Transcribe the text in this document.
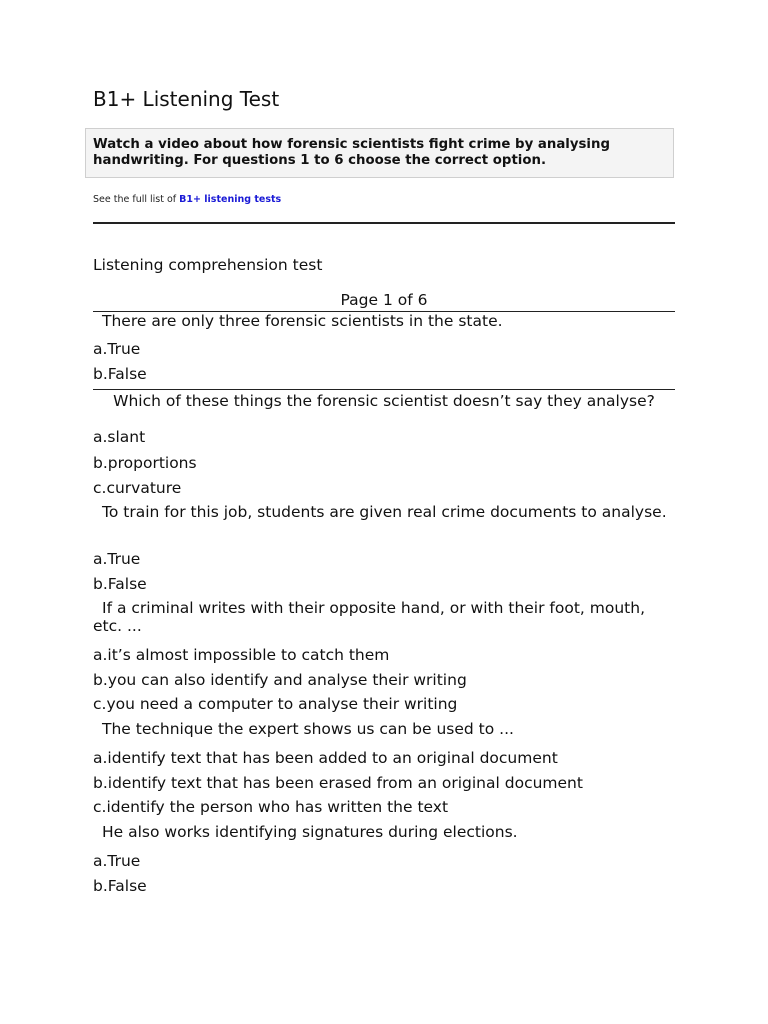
B1+ Listening Test
Watch a video about how forensic scientists fight crime by analysing handwriting. For questions 1 to 6 choose the correct option.
See the full list of B1+ listening tests
Listening comprehension test
Page 1 of 6
There are only three forensic scientists in the state.
a.True
b.False
Which of these things the forensic scientist doesn’t say they analyse?
a.slant
b.proportions
c.curvature
To train for this job, students are given real crime documents to analyse.
a.True
b.False
If a criminal writes with their opposite hand, or with their foot, mouth, etc. ...
a.it’s almost impossible to catch them
b.you can also identify and analyse their writing
c.you need a computer to analyse their writing
The technique the expert shows us can be used to ...
a.identify text that has been added to an original document
b.identify text that has been erased from an original document
c.identify the person who has written the text
He also works identifying signatures during elections.
a.True
b.False
